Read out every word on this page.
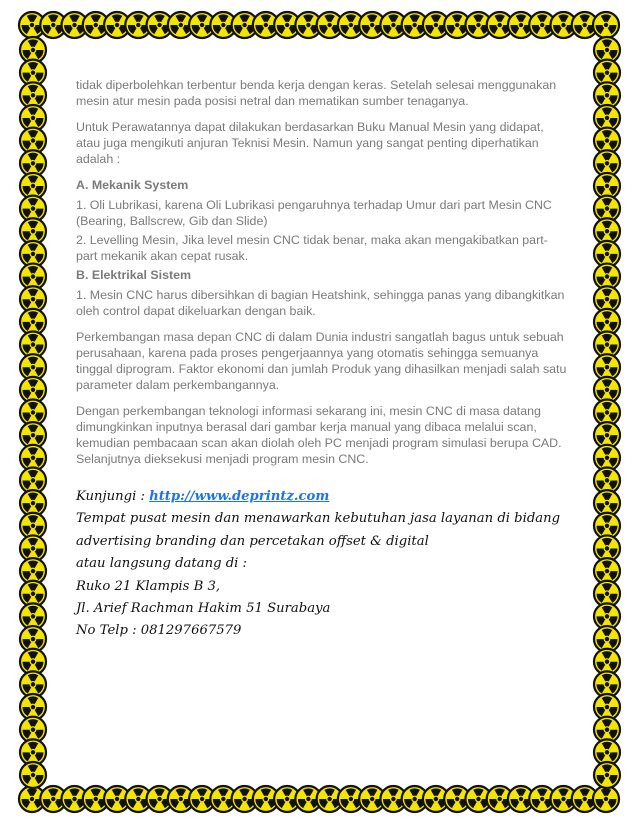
tidak diperbolehkan terbentur benda kerja dengan keras. Setelah selesai menggunakan mesin atur mesin pada posisi netral dan mematikan sumber tenaganya.

Untuk Perawatannya dapat dilakukan berdasarkan Buku Manual Mesin yang didapat, atau juga mengikuti anjuran Teknisi Mesin. Namun yang sangat penting diperhatikan adalah :

A. Mekanik System

1. Oli Lubrikasi, karena Oli Lubrikasi pengaruhnya terhadap Umur dari part Mesin CNC (Bearing, Ballscrew, Gib dan Slide)

2. Levelling Mesin, Jika level mesin CNC tidak benar, maka akan mengakibatkan part-part mekanik akan cepat rusak.

B. Elektrikal Sistem

1. Mesin CNC harus dibersihkan di bagian Heatshink, sehingga panas yang dibangkitkan oleh control dapat dikeluarkan dengan baik.

Perkembangan masa depan CNC di dalam Dunia industri sangatlah bagus untuk sebuah perusahaan, karena pada proses pengerjaannya yang otomatis sehingga semuanya tinggal diprogram. Faktor ekonomi dan jumlah Produk yang dihasilkan menjadi salah satu parameter dalam perkembangannya.

Dengan perkembangan teknologi informasi sekarang ini, mesin CNC di masa datang dimungkinkan inputnya berasal dari gambar kerja manual yang dibaca melalui scan, kemudian pembacaan scan akan diolah oleh PC menjadi program simulasi berupa CAD. Selanjutnya dieksekusi menjadi program mesin CNC.

Kunjungi : http://www.deprintz.com
Tempat pusat mesin dan menawarkan kebutuhan jasa layanan di bidang
advertising branding dan percetakan offset & digital
atau langsung datang di :
Ruko 21 Klampis B 3,
Jl. Arief Rachman Hakim 51 Surabaya
No Telp : 081297667579
